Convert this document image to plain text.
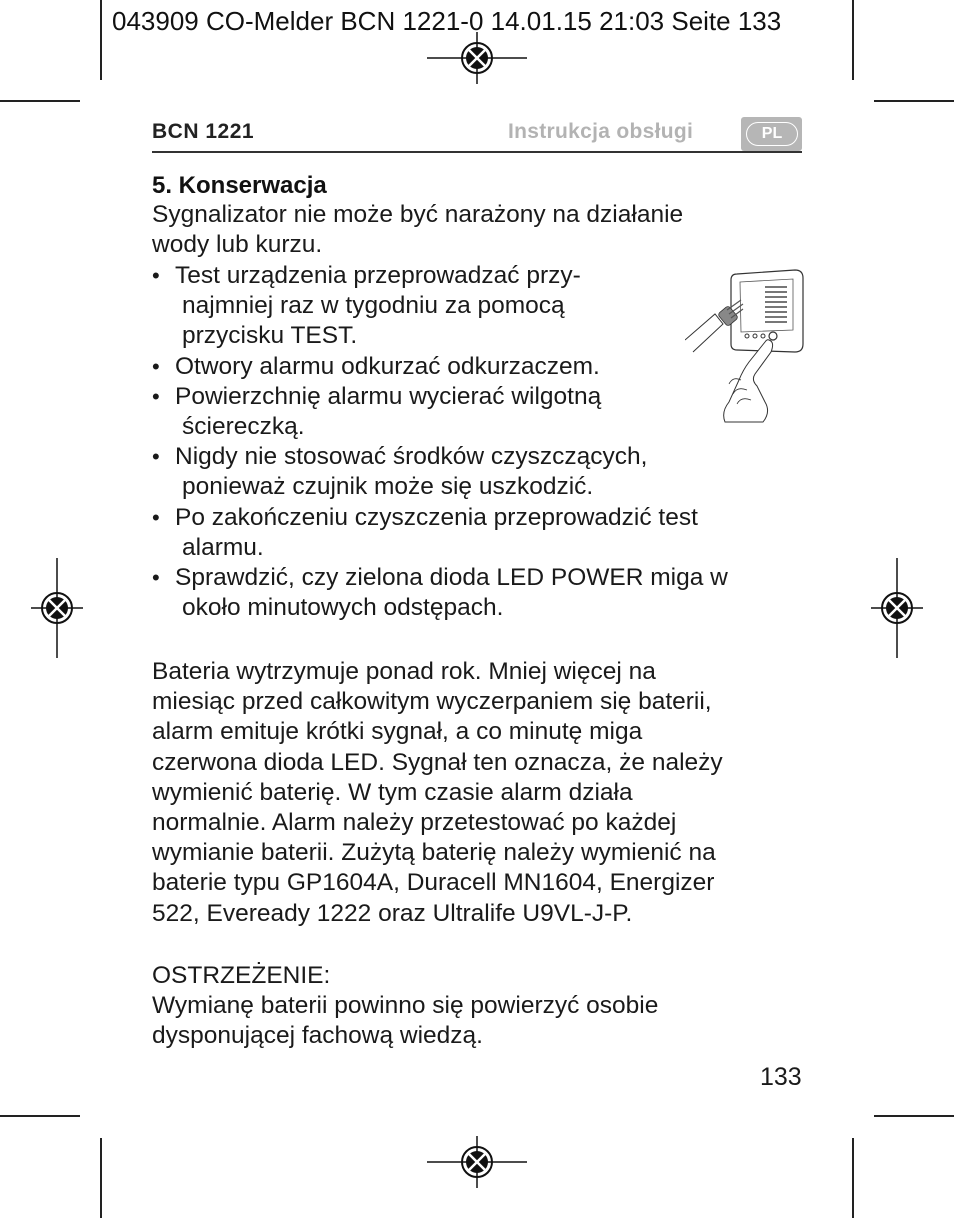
043909 CO-Melder BCN 1221-0 14.01.15 21:03 Seite 133
BCN 1221	Instrukcja obsługi	PL
5. Konserwacja
Sygnalizator nie może być narażony na działanie
wody lub kurzu.
• Test urządzenia przeprowadzać przy-
najmniej raz w tygodniu za pomocą
przycisku TEST.
• Otwory alarmu odkurzać odkurzaczem.
• Powierzchnię alarmu wycierać wilgotną
ściereczką.
• Nigdy nie stosować środków czyszczących,
ponieważ czujnik może się uszkodzić.
• Po zakończeniu czyszczenia przeprowadzić test
alarmu.
• Sprawdzić, czy zielona dioda LED POWER miga w
około minutowych odstępach.
Bateria wytrzymuje ponad rok. Mniej więcej na
miesiąc przed całkowitym wyczerpaniem się baterii,
alarm emituje krótki sygnał, a co minutę miga
czerwona dioda LED. Sygnał ten oznacza, że należy
wymienić baterię. W tym czasie alarm działa
normalnie. Alarm należy przetestować po każdej
wymianie baterii. Zużytą baterię należy wymienić na
baterie typu GP1604A, Duracell MN1604, Energizer
522, Eveready 1222 oraz Ultralife U9VL-J-P.
OSTRZEŻENIE:
Wymianę baterii powinno się powierzyć osobie
dysponującej fachową wiedzą.
133
